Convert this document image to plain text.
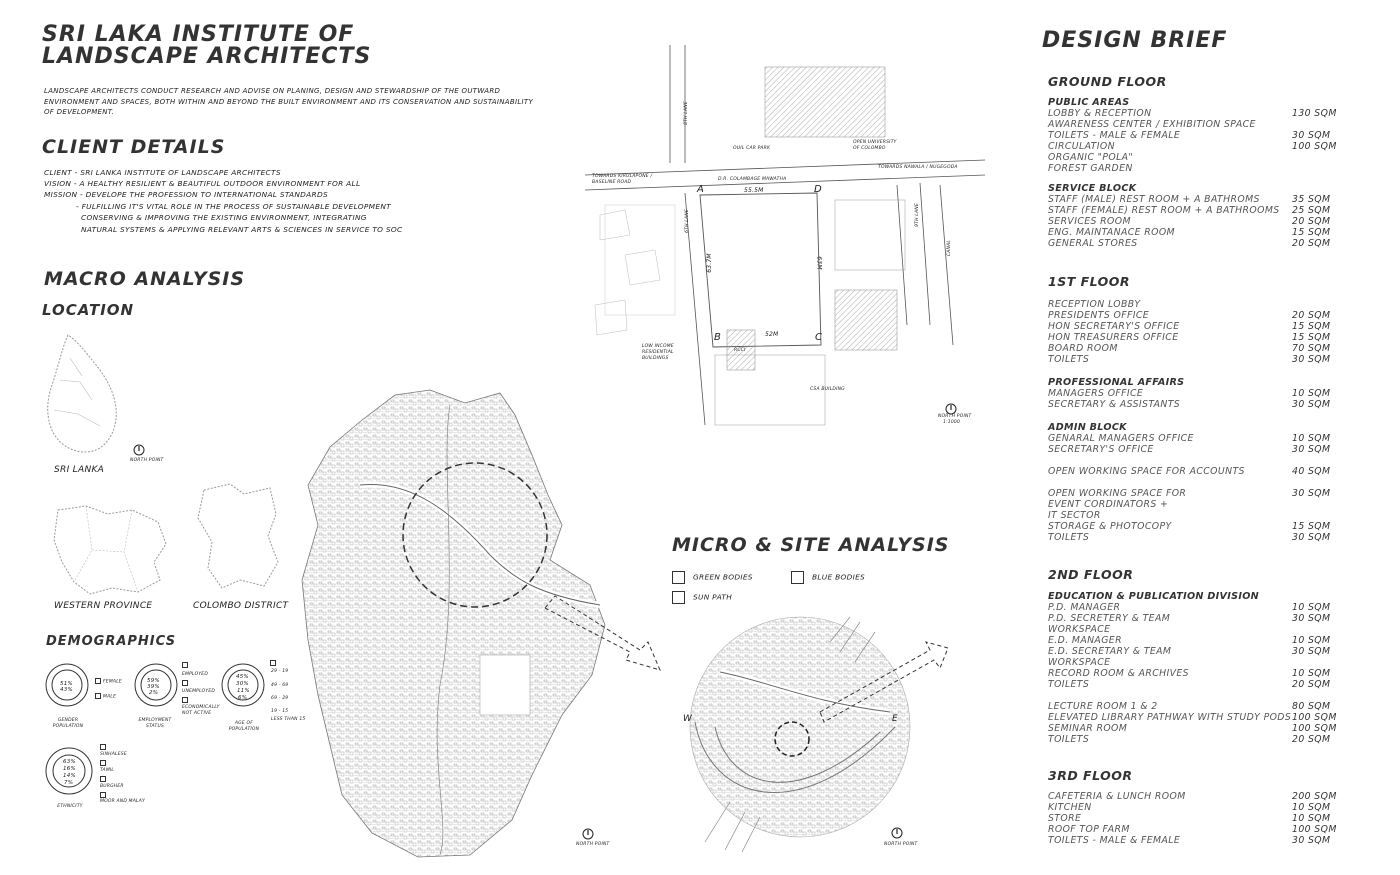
SRI LAKA INSTITUTE OF
LANDSCAPE ARCHITECTS
LANDSCAPE ARCHITECTS CONDUCT RESEARCH AND ADVISE ON PLANING, DESIGN AND STEWARDSHIP OF THE OUTWARD ENVIRONMENT AND SPACES, BOTH WITHIN AND BEYOND THE BUILT ENVIRONMENT AND ITS CONSERVATION AND SUSTAINABILITY OF DEVELOPMENT.
CLIENT DETAILS
CLIENT - SRI LANKA INSTITUTE OF LANDSCAPE ARCHITECTS
VISION - A HEALTHY RESILIENT & BEAUTIFUL OUTDOOR ENVIRONMENT FOR ALL
MISSION - DEVELOPE THE PROFESSION TO INTERNATIONAL STANDARDS
- FULFILLING IT'S VITAL ROLE IN THE PROCESS OF SUSTAINABLE DEVELOPMENT
CONSERVING & IMPROVING THE EXISTING ENVIRONMENT, INTEGRATING
NATURAL SYSTEMS & APPLYING RELEVANT ARTS & SCIENCES IN SERVICE TO SOC
MACRO ANALYSIS
LOCATION
NORTH POINT
SRI LANKA
WESTERN PROVINCE	COLOMBO DISTRICT
DEMOGRAPHICS
51%
43%
FEMALE
MALE
GENDER POPULATION
59%
39%
2%
EMPLOYED
UNEMPLOYED
ECONOMICALLY NOT ACTIVE
EMPLOYMENT STATUS
45%
30%
11%
6%
29 - 19
49 - 69
69 - 29
19 - 15
LESS THAN 15
AGE OF POPULATION
63%
16%
14%
7%
SINHALESE
TAMIL
BURGHER
MOOR AND MALAY
ETHNICITY
NORTH POINT
A	D
B	C
55.5M
63.7M	63M
52M
OUIL CAR PARK
OPEN UNIVERSITY OF COLOMBO
TOWARDS NAWALA / NUGEGODA
TOWARDS KIRULAPONE / BASELINE ROAD
D.R. COLAMBAGE MAWATHA
8TH LANE
6TH LANE	9TH LANE
CANAL
LOW INCOME RESIDENTIAL BUILDINGS
RCCI
CSA BUILDING
NORTH POINT
1:1000
MICRO & SITE ANALYSIS
GREEN BODIES	BLUE BODIES
SUN PATH
W	E
NORTH POINT
DESIGN BRIEF
GROUND FLOOR
PUBLIC AREAS
LOBBY & RECEPTION	130 SQM
AWARENESS CENTER / EXHIBITION SPACE
TOILETS - MALE & FEMALE	30 SQM
CIRCULATION	100 SQM
ORGANIC "POLA"
FOREST GARDEN
SERVICE BLOCK
STAFF (MALE) REST ROOM + A BATHROMS	35 SQM
STAFF (FEMALE) REST ROOM + A BATHROOMS 25 SQM
SERVICES ROOM	20 SQM
ENG. MAINTANACE ROOM	15 SQM
GENERAL STORES	20 SQM
1ST FLOOR
RECEPTION LOBBY
PRESIDENTS OFFICE	20 SQM
HON SECRETARY'S OFFICE	15 SQM
HON TREASURERS OFFICE	15 SQM
BOARD ROOM	70 SQM
TOILETS	30 SQM
PROFESSIONAL AFFAIRS
MANAGERS OFFICE	10 SQM
SECRETARY & ASSISTANTS	30 SQM
ADMIN BLOCK
GENARAL MANAGERS OFFICE	10 SQM
SECRETARY'S OFFICE	30 SQM
OPEN WORKING SPACE FOR ACCOUNTS	40 SQM
OPEN WORKING SPACE FOR	30 SQM
EVENT CORDINATORS +
IT SECTOR
STORAGE & PHOTOCOPY	15 SQM
TOILETS	30 SQM
2ND FLOOR
EDUCATION & PUBLICATION DIVISION
P.D. MANAGER	10 SQM
P.D. SECRETERY & TEAM	30 SQM
WORKSPACE
E.D. MANAGER	10 SQM
E.D. SECRETARY & TEAM	30 SQM
WORKSPACE
RECORD ROOM & ARCHIVES	10 SQM
TOILETS	20 SQM
LECTURE ROOM 1 & 2	80 SQM
ELEVATED LIBRARY PATHWAY WITH STUDY PODS 100 SQM
SEMINAR ROOM	100 SQM
TOILETS	20 SQM
3RD FLOOR
CAFETERIA & LUNCH ROOM	200 SQM
KITCHEN	10 SQM
STORE	10 SQM
ROOF TOP FARM	100 SQM
TOILETS - MALE & FEMALE	30 SQM
